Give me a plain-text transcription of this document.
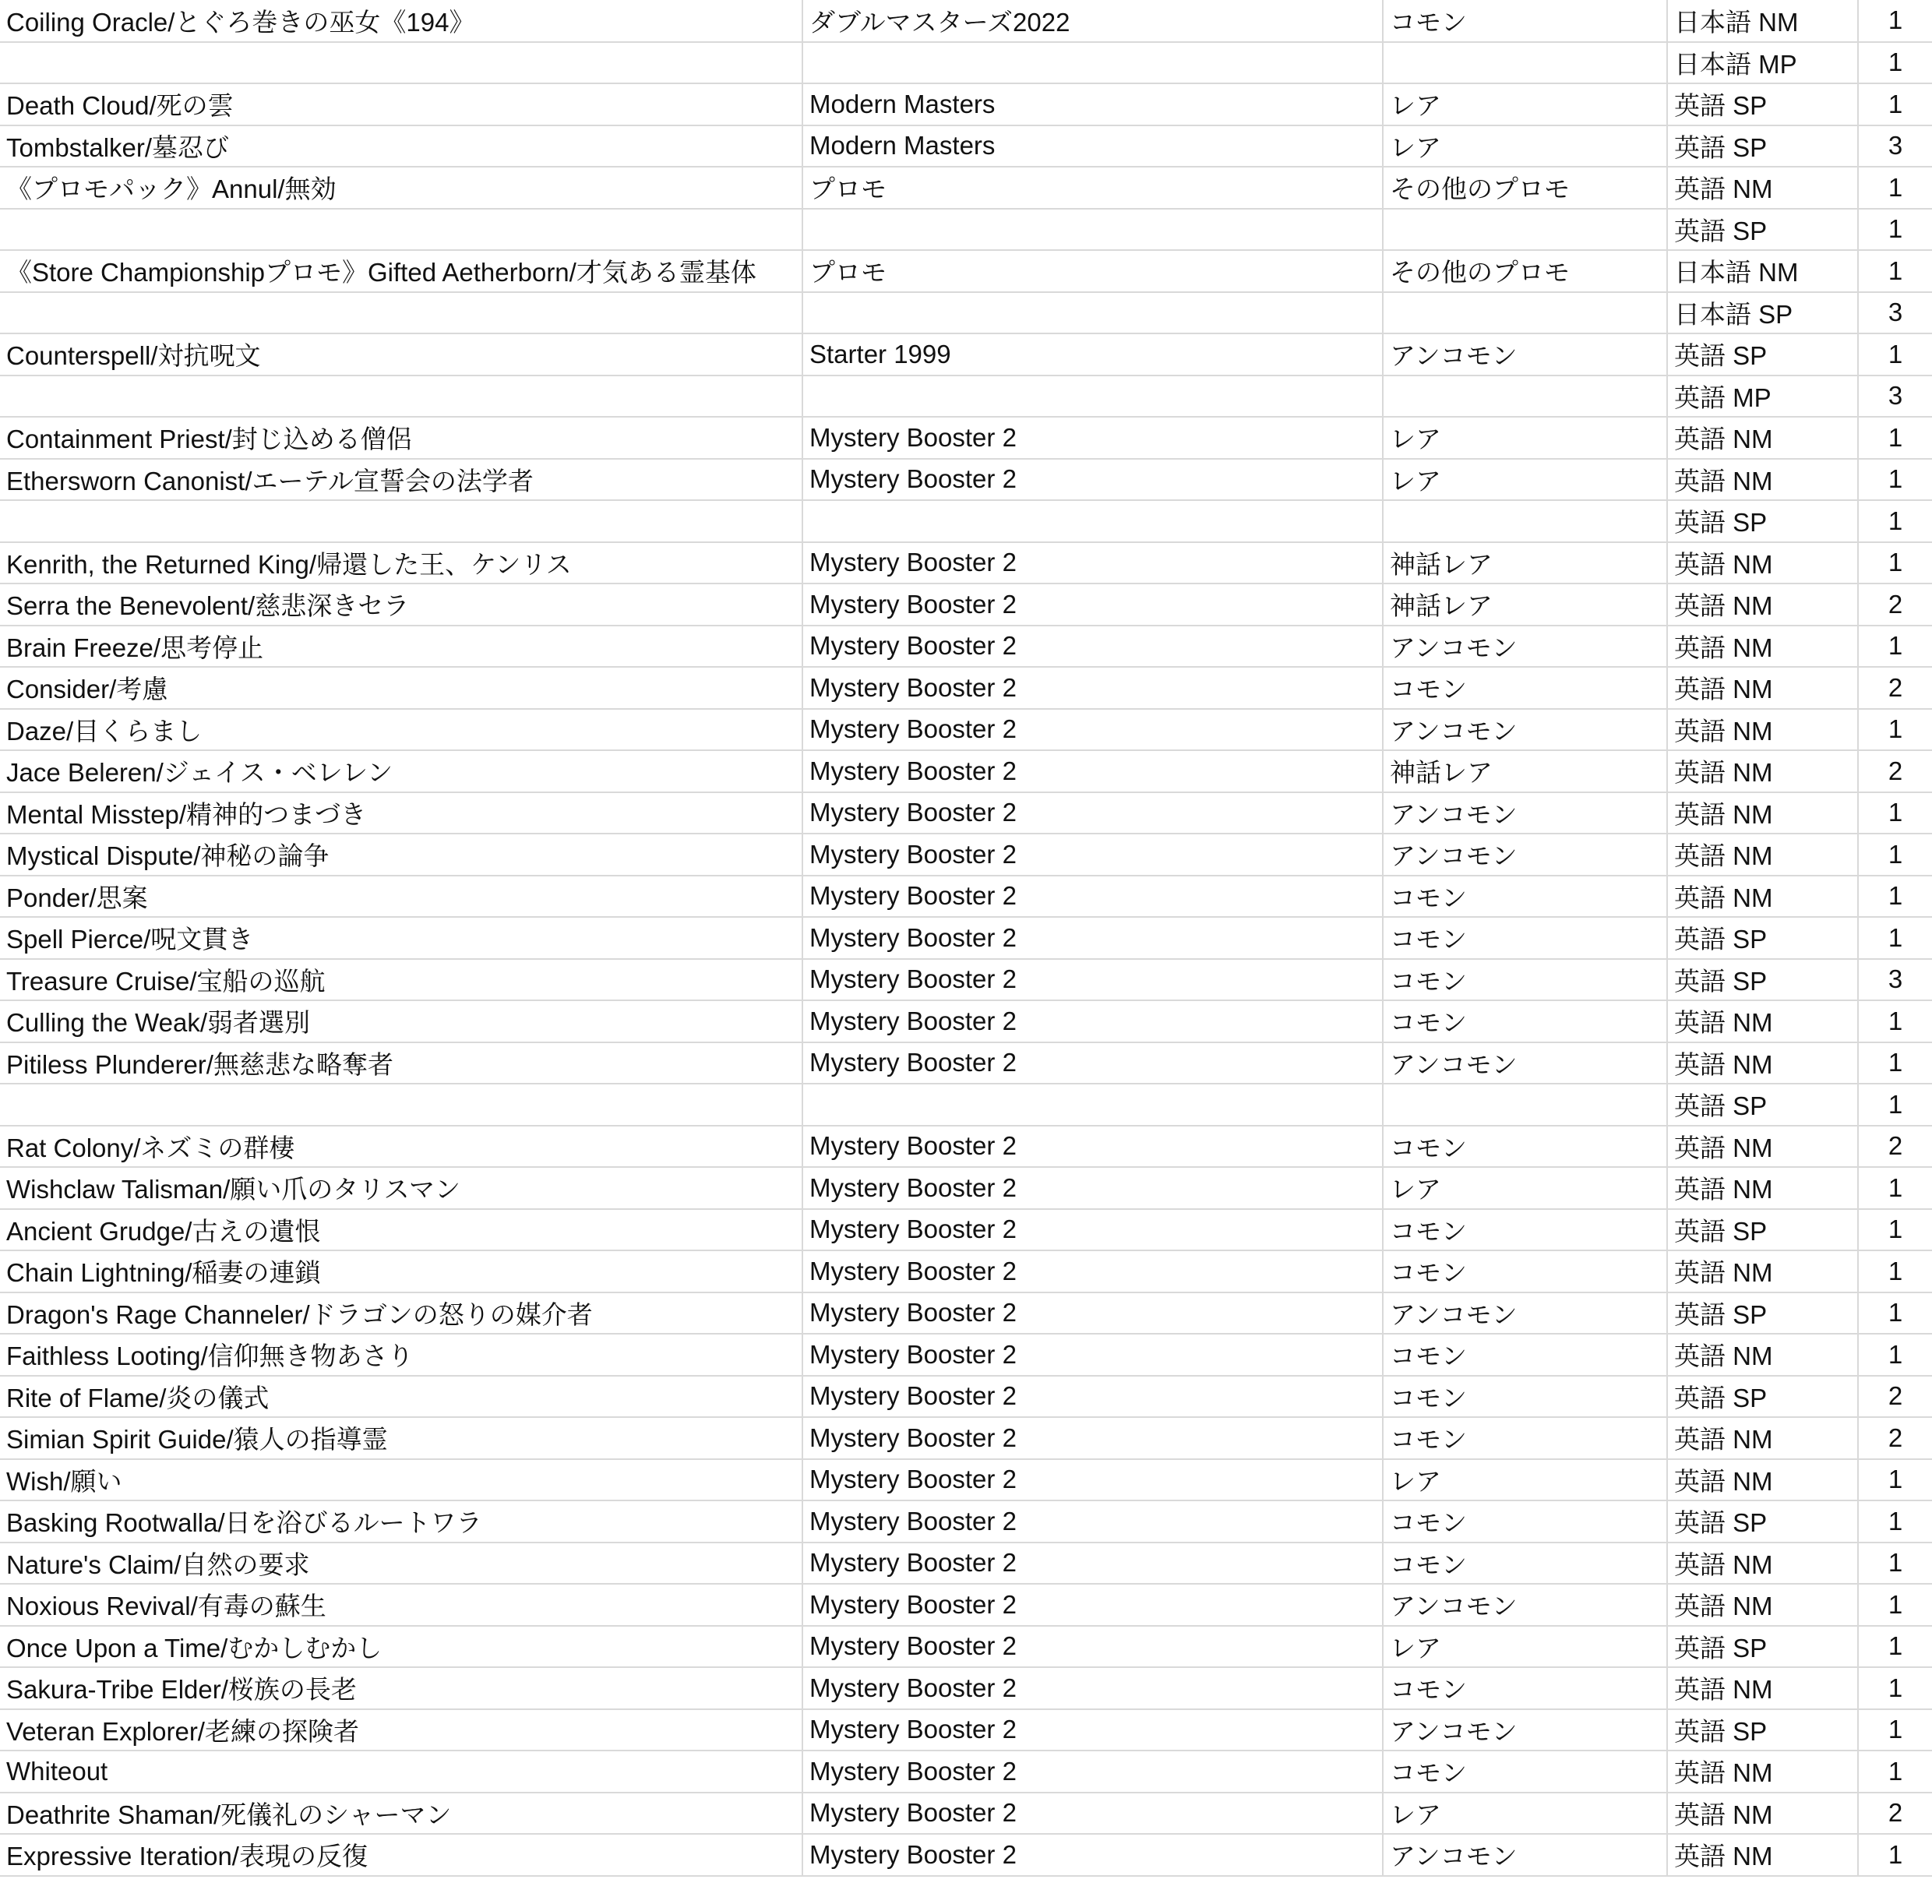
Coiling Oracle/とぐろ巻きの巫女《194》	ダブルマスターズ2022	コモン	日本語 NM	1
			日本語 MP	1
Death Cloud/死の雲	Modern Masters	レア	英語 SP	1
Tombstalker/墓忍び	Modern Masters	レア	英語 SP	3
《プロモパック》Annul/無効	プロモ	その他のプロモ	英語 NM	1
			英語 SP	1
《Store Championshipプロモ》Gifted Aetherborn/才気ある霊基体	プロモ	その他のプロモ	日本語 NM	1
			日本語 SP	3
Counterspell/対抗呪文	Starter 1999	アンコモン	英語 SP	1
			英語 MP	3
Containment Priest/封じ込める僧侶	Mystery Booster 2	レア	英語 NM	1
Ethersworn Canonist/エーテル宣誓会の法学者	Mystery Booster 2	レア	英語 NM	1
			英語 SP	1
Kenrith, the Returned King/帰還した王、ケンリス	Mystery Booster 2	神話レア	英語 NM	1
Serra the Benevolent/慈悲深きセラ	Mystery Booster 2	神話レア	英語 NM	2
Brain Freeze/思考停止	Mystery Booster 2	アンコモン	英語 NM	1
Consider/考慮	Mystery Booster 2	コモン	英語 NM	2
Daze/目くらまし	Mystery Booster 2	アンコモン	英語 NM	1
Jace Beleren/ジェイス・ベレレン	Mystery Booster 2	神話レア	英語 NM	2
Mental Misstep/精神的つまづき	Mystery Booster 2	アンコモン	英語 NM	1
Mystical Dispute/神秘の論争	Mystery Booster 2	アンコモン	英語 NM	1
Ponder/思案	Mystery Booster 2	コモン	英語 NM	1
Spell Pierce/呪文貫き	Mystery Booster 2	コモン	英語 SP	1
Treasure Cruise/宝船の巡航	Mystery Booster 2	コモン	英語 SP	3
Culling the Weak/弱者選別	Mystery Booster 2	コモン	英語 NM	1
Pitiless Plunderer/無慈悲な略奪者	Mystery Booster 2	アンコモン	英語 NM	1
			英語 SP	1
Rat Colony/ネズミの群棲	Mystery Booster 2	コモン	英語 NM	2
Wishclaw Talisman/願い爪のタリスマン	Mystery Booster 2	レア	英語 NM	1
Ancient Grudge/古えの遺恨	Mystery Booster 2	コモン	英語 SP	1
Chain Lightning/稲妻の連鎖	Mystery Booster 2	コモン	英語 NM	1
Dragon's Rage Channeler/ドラゴンの怒りの媒介者	Mystery Booster 2	アンコモン	英語 SP	1
Faithless Looting/信仰無き物あさり	Mystery Booster 2	コモン	英語 NM	1
Rite of Flame/炎の儀式	Mystery Booster 2	コモン	英語 SP	2
Simian Spirit Guide/猿人の指導霊	Mystery Booster 2	コモン	英語 NM	2
Wish/願い	Mystery Booster 2	レア	英語 NM	1
Basking Rootwalla/日を浴びるルートワラ	Mystery Booster 2	コモン	英語 SP	1
Nature's Claim/自然の要求	Mystery Booster 2	コモン	英語 NM	1
Noxious Revival/有毒の蘇生	Mystery Booster 2	アンコモン	英語 NM	1
Once Upon a Time/むかしむかし	Mystery Booster 2	レア	英語 SP	1
Sakura-Tribe Elder/桜族の長老	Mystery Booster 2	コモン	英語 NM	1
Veteran Explorer/老練の探険者	Mystery Booster 2	アンコモン	英語 SP	1
Whiteout	Mystery Booster 2	コモン	英語 NM	1
Deathrite Shaman/死儀礼のシャーマン	Mystery Booster 2	レア	英語 NM	2
Expressive Iteration/表現の反復	Mystery Booster 2	アンコモン	英語 NM	1
